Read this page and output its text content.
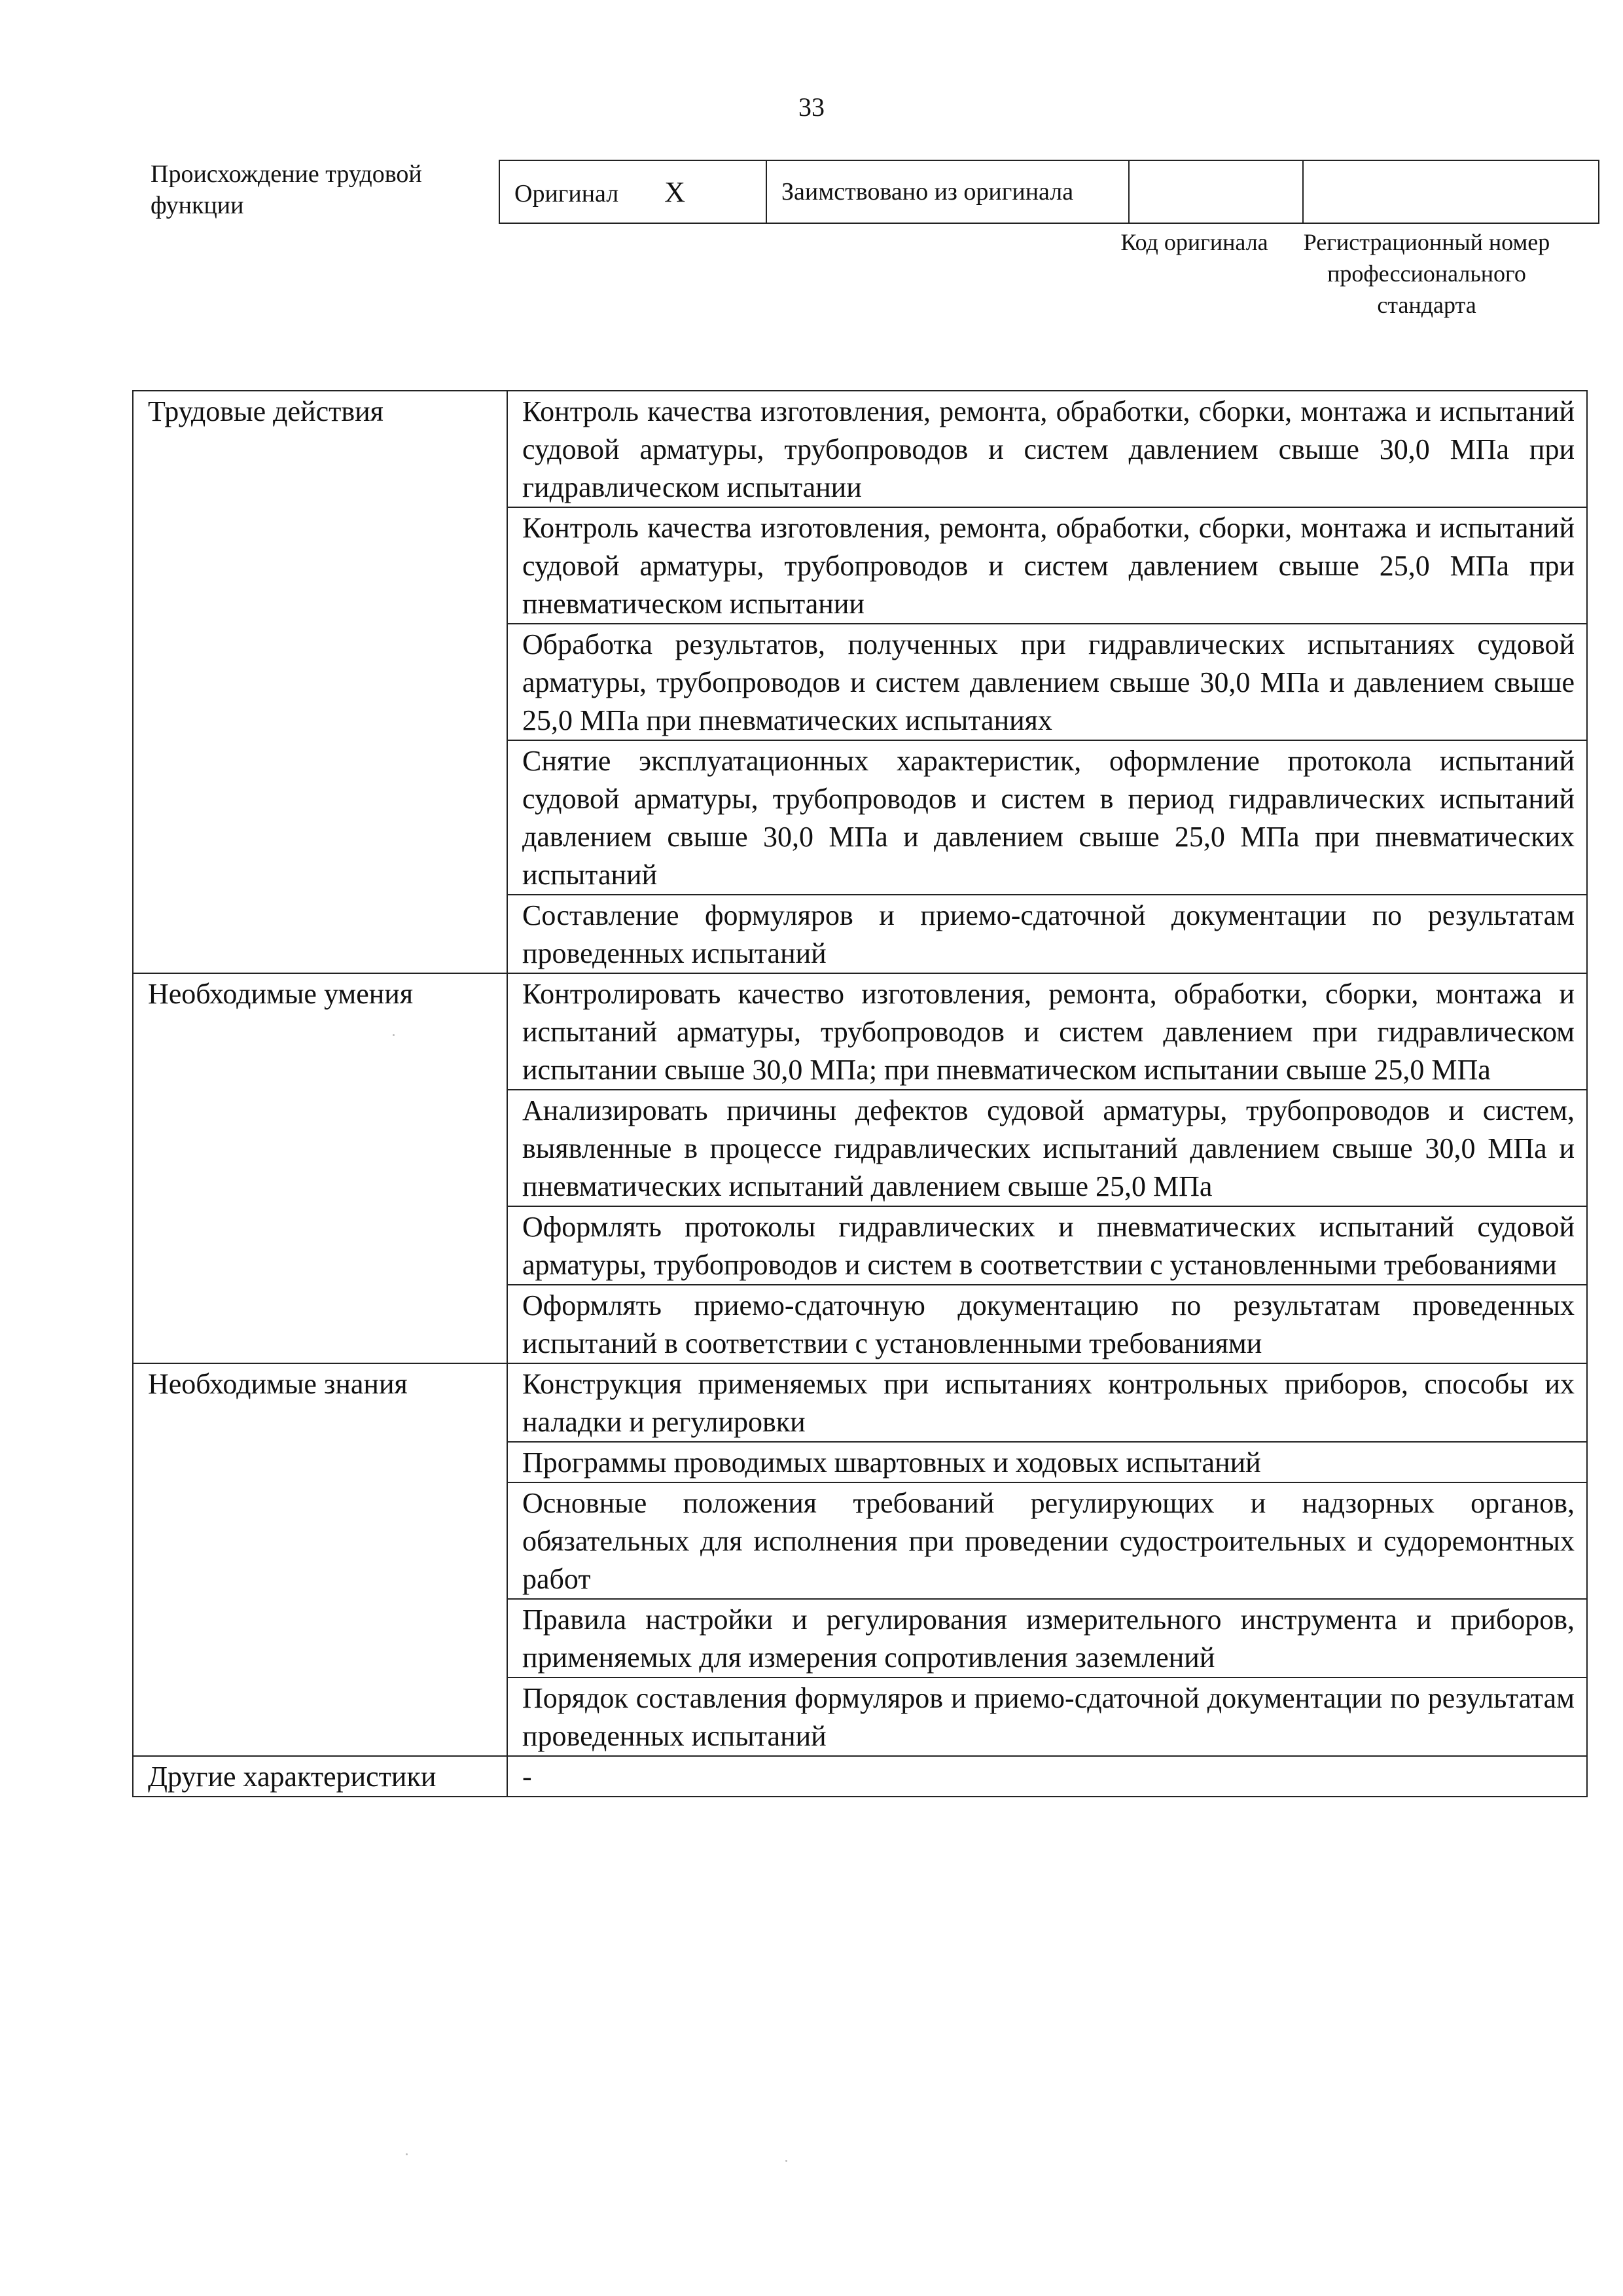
33
Происхождение трудовой функции	Оригинал X	Заимствовано из оригинала		
Код оригинала	Регистрационный номер профессионального стандарта
Трудовые действия	Контроль качества изготовления, ремонта, обработки, сборки, монтажа и испытаний судовой арматуры, трубопроводов и систем давлением свыше 30,0 МПа при гидравлическом испытании
	Контроль качества изготовления, ремонта, обработки, сборки, монтажа и испытаний судовой арматуры, трубопроводов и систем давлением свыше 25,0 МПа при пневматическом испытании
	Обработка результатов, полученных при гидравлических испытаниях судовой арматуры, трубопроводов и систем давлением свыше 30,0 МПа и давлением свыше 25,0 МПа при пневматических испытаниях
	Снятие эксплуатационных характеристик, оформление протокола испытаний судовой арматуры, трубопроводов и систем в период гидравлических испытаний давлением свыше 30,0 МПа и давлением свыше 25,0 МПа при пневматических испытаний
	Составление формуляров и приемо-сдаточной документации по результатам проведенных испытаний
Необходимые умения	Контролировать качество изготовления, ремонта, обработки, сборки, монтажа и испытаний арматуры, трубопроводов и систем давлением при гидравлическом испытании свыше 30,0 МПа; при пневматическом испытании свыше 25,0 МПа
	Анализировать причины дефектов судовой арматуры, трубопроводов и систем, выявленные в процессе гидравлических испытаний давлением свыше 30,0 МПа и пневматических испытаний давлением свыше 25,0 МПа
	Оформлять протоколы гидравлических и пневматических испытаний судовой арматуры, трубопроводов и систем в соответствии с установленными требованиями
	Оформлять приемо-сдаточную документацию по результатам проведенных испытаний в соответствии с установленными требованиями
Необходимые знания	Конструкция применяемых при испытаниях контрольных приборов, способы их наладки и регулировки
	Программы проводимых швартовных и ходовых испытаний
	Основные положения требований регулирующих и надзорных органов, обязательных для исполнения при проведении судостроительных и судоремонтных работ
	Правила настройки и регулирования измерительного инструмента и приборов, применяемых для измерения сопротивления заземлений
	Порядок составления формуляров и приемо-сдаточной документации по результатам проведенных испытаний
Другие характеристики	-
